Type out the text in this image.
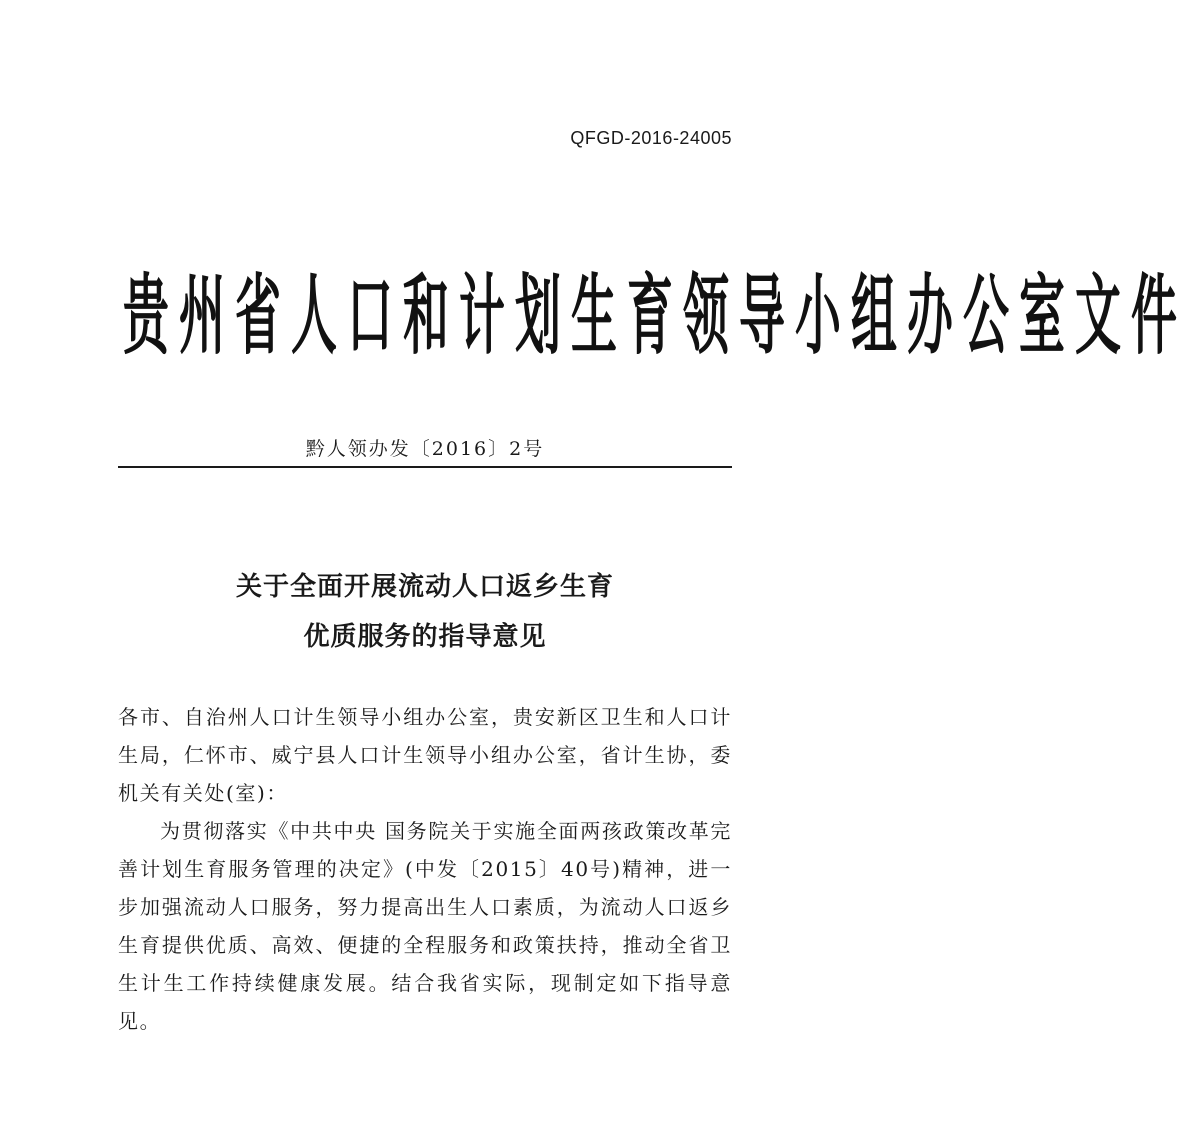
QFGD-2016-24005
贵 州 省 人 口 和 计 划 生 育 领 导 小 组 办 公 室 文 件
黔人领办发〔2016〕2号
关于全面开展流动人口返乡生育
优质服务的指导意见

各市、自治州人口计生领导小组办公室，贵安新区卫生和人口计生局，仁怀市、威宁县人口计生领导小组办公室，省计生协，委机关有关处(室)：

为贯彻落实《中共中央 国务院关于实施全面两孩政策改革完善计划生育服务管理的决定》(中发〔2015〕40号)精神，进一步加强流动人口服务，努力提高出生人口素质，为流动人口返乡生育提供优质、高效、便捷的全程服务和政策扶持，推动全省卫生计生工作持续健康发展。结合我省实际，现制定如下指导意见。
